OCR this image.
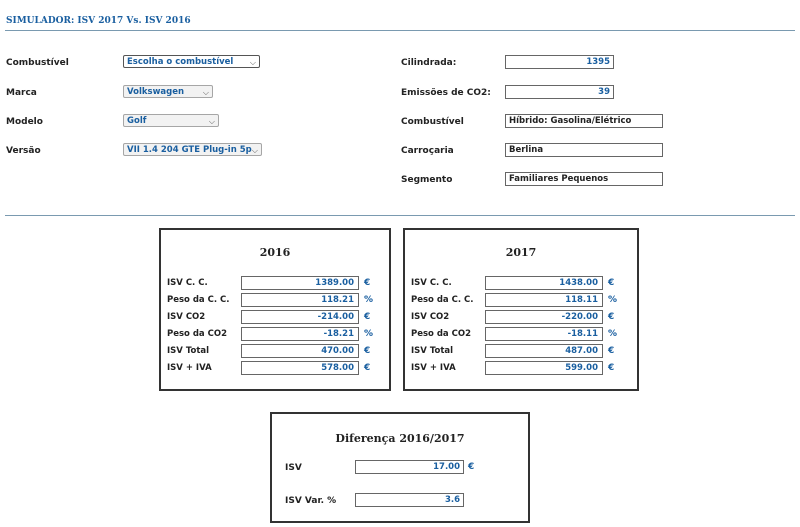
SIMULADOR: ISV 2017 Vs. ISV 2016
Combustível	Escolha o combustível ⌵
Marca	Volkswagen ⌵
Modelo	Golf	⌵
Versão	VII 1.4 204 GTE Plug-in 5p ⌵
Cilindrada:	1395
Emissões de CO2:	39
Combustível	Híbrido: Gasolina/Elétrico
Carroçaria	Berlina
Segmento	Familiares Pequenos
2016
ISV C. C.	1389.00	€
Peso da C. C.	118.21	%
ISV CO2	-214.00	€
Peso da CO2	-18.21	%
ISV Total	470.00	€
ISV + IVA	578.00	€
2017
ISV C. C.	1438.00	€
Peso da C. C.	118.11	%
ISV CO2	-220.00	€
Peso da CO2	-18.11	%
ISV Total	487.00	€
ISV + IVA	599.00	€
Diferença 2016/2017
ISV	17.00 €
ISV Var. %	3.6
